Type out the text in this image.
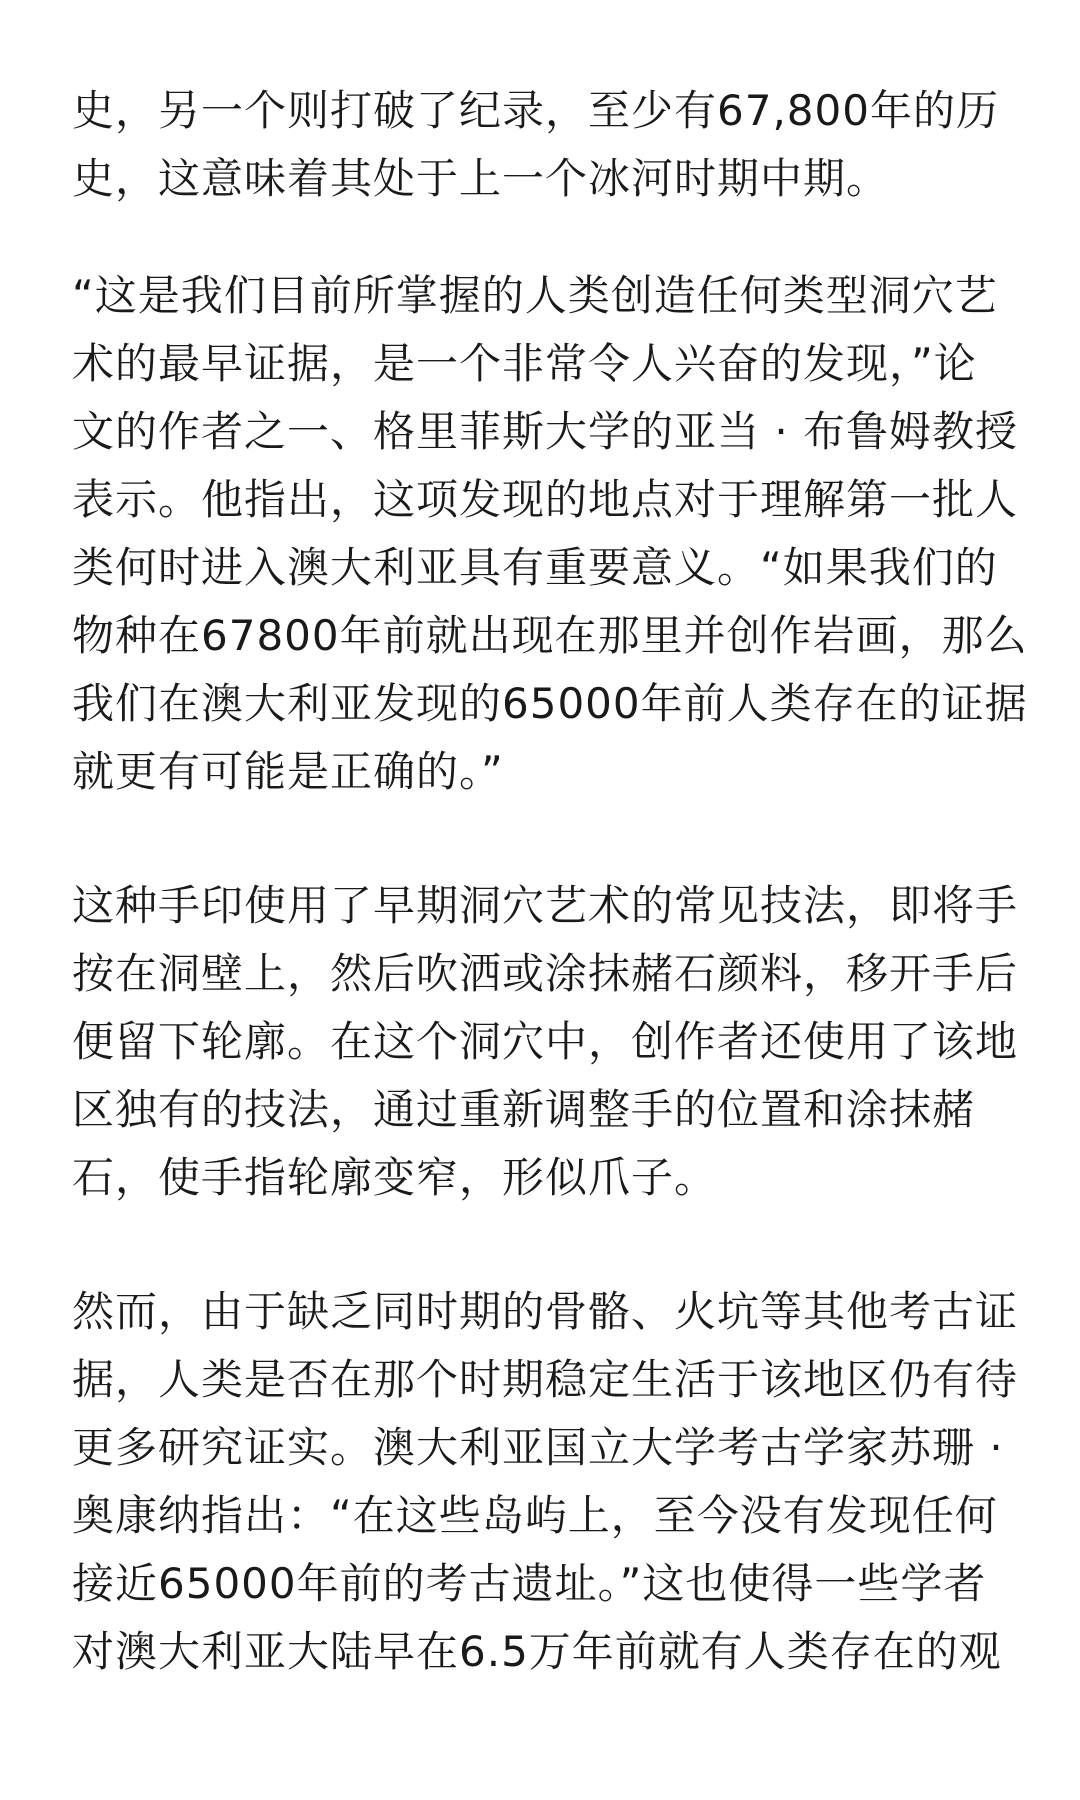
史，另一个则打破了纪录，至少有67,800年的历
史，这意味着其处于上一个冰河时期中期。

“这是我们目前所掌握的人类创造任何类型洞穴艺
术的最早证据，是一个非常令人兴奋的发现，”论
文的作者之一、格里菲斯大学的亚当 · 布鲁姆教授
表示。他指出，这项发现的地点对于理解第一批人
类何时进入澳大利亚具有重要意义。“如果我们的
物种在67800年前就出现在那里并创作岩画，那么
我们在澳大利亚发现的65000年前人类存在的证据
就更有可能是正确的。”

这种手印使用了早期洞穴艺术的常见技法，即将手
按在洞壁上，然后吹洒或涂抹赭石颜料，移开手后
便留下轮廓。在这个洞穴中，创作者还使用了该地
区独有的技法，通过重新调整手的位置和涂抹赭
石，使手指轮廓变窄，形似爪子。

然而，由于缺乏同时期的骨骼、火坑等其他考古证
据，人类是否在那个时期稳定生活于该地区仍有待
更多研究证实。澳大利亚国立大学考古学家苏珊 ·
奥康纳指出：“在这些岛屿上，至今没有发现任何
接近65000年前的考古遗址。”这也使得一些学者
对澳大利亚大陆早在6.5万年前就有人类存在的观
